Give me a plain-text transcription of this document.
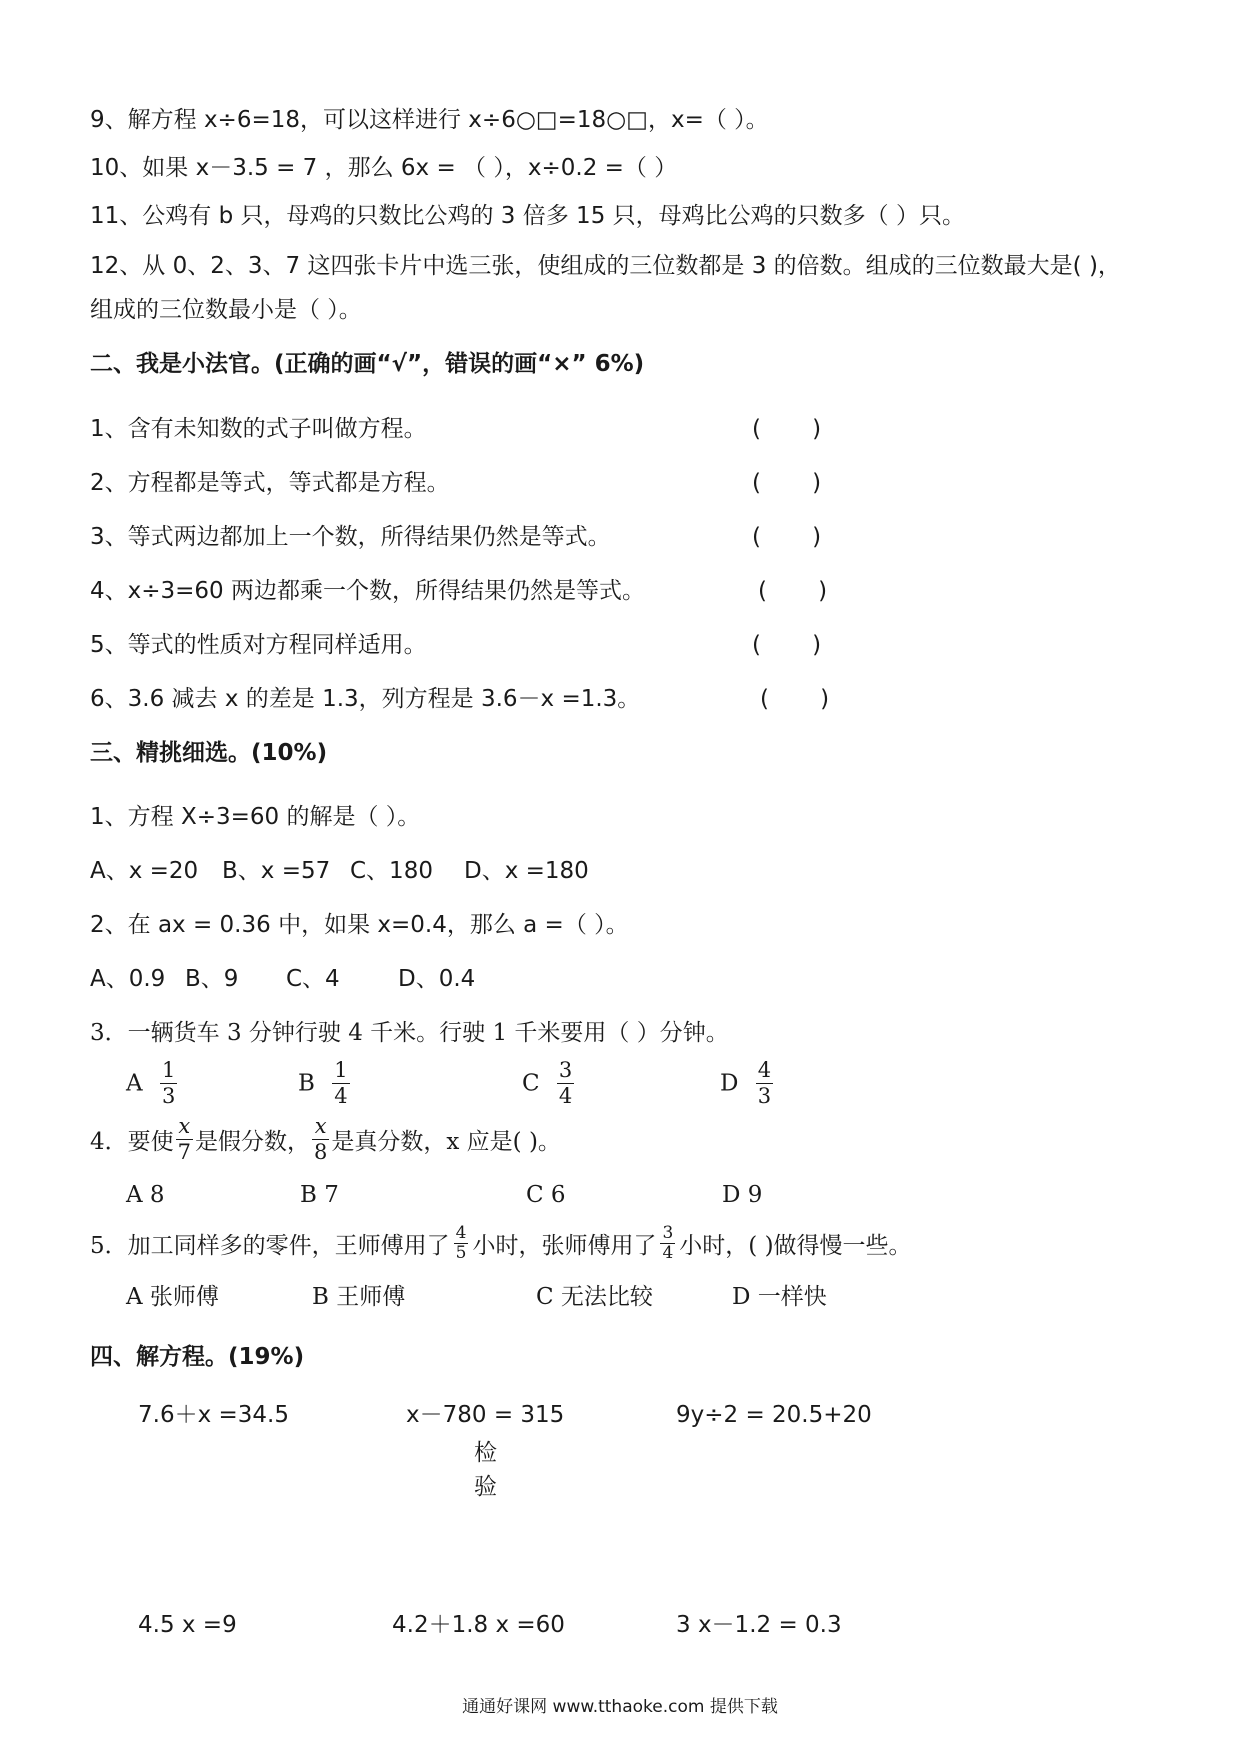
9、解方程 x÷6=18，可以这样进行 x÷6○□=18○□，x=（ ）。
10、如果 x－3.5 = 7 ，那么 6x = （ ），x÷0.2 =（ ）
11、公鸡有 b 只，母鸡的只数比公鸡的 3 倍多 15 只，母鸡比公鸡的只数多（ ）只。
12、从 0、2、3、7 这四张卡片中选三张，使组成的三位数都是 3 的倍数。组成的三位数最大是( )，
组成的三位数最小是（ ）。
二、我是小法官。(正确的画“√”，错误的画“×” 6%)
1、含有未知数的式子叫做方程。	(       )
2、方程都是等式，等式都是方程。	(       )
3、等式两边都加上一个数，所得结果仍然是等式。	(       )
4、x÷3=60 两边都乘一个数，所得结果仍然是等式。	(       )
5、等式的性质对方程同样适用。	(       )
6、3.6 减去 x 的差是 1.3，列方程是 3.6－x =1.3。	(       )
三、精挑细选。(10%)
1、方程 X÷3=60 的解是（ ）。
A、x =20 B、x =57 C、180 D、x =180
2、在 ax = 0.36 中，如果 x=0.4，那么 a =（ ）。
A、0.9 B、9 C、4	D、0.4
3．一辆货车 3 分钟行驶 4 千米。行驶 1 千米要用（ ）分钟。
A $\frac{1}{3}$	B $\frac{1}{4}$	C $\frac{3}{4}$	D $\frac{4}{3}$
4．要使 $\frac{x}{7}$ 是假分数， $\frac{x}{8}$ 是真分数，x 应是( )。
A 8	B 7	C 6	D 9
5．加工同样多的零件，王师傅用了 $\frac{4}{5}$ 小时，张师傅用了 $\frac{3}{4}$ 小时，( )做得慢一些。
A 张师傅	B 王师傅	C 无法比较	D 一样快
四、解方程。(19%)
7.6＋x =34.5	x－780 = 315	9y÷2 = 20.5+20
检
验
4.5 x =9	4.2＋1.8 x =60	3 x－1.2 = 0.3
通通好课网 www.tthaoke.com 提供下载
